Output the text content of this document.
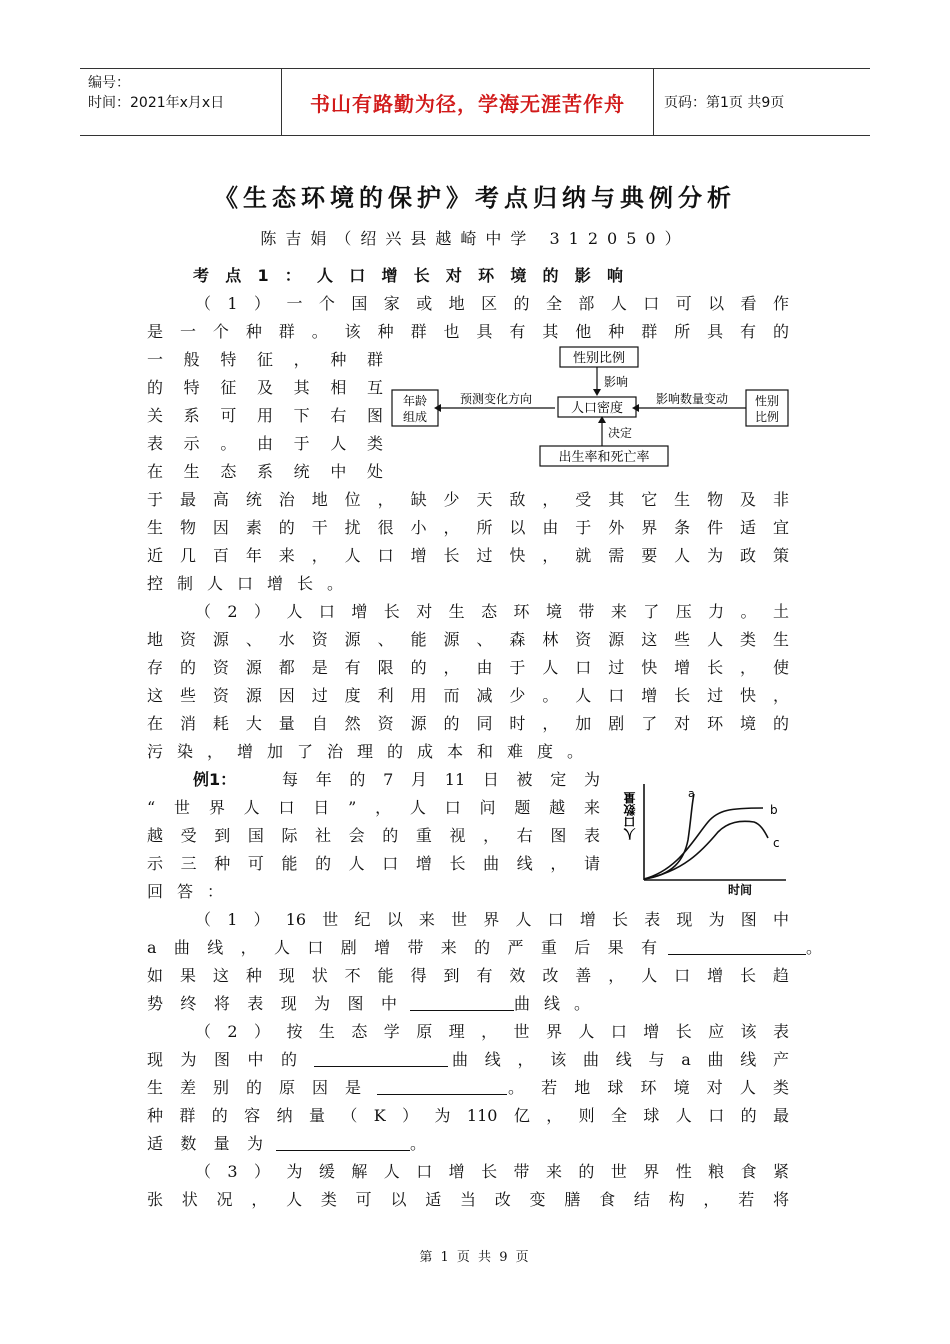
编号：
时间：2021年x月x日	书山有路勤为径，学海无涯苦作舟	页码：第1页 共9页
《生态环境的保护》考点归纳与典例分析
陈吉娟（绍兴县越崎中学 312050）
考点1：人口增长对环境的影响
（1）一个国家或地区的全部人口可以看作
是一个种群。该种群也具有其他种群所具有的
一般特征，种群
的特征及其相互
关系可用下右图
表示。由于人类
在生态系统中处
于最高统治地位，缺少天敌，受其它生物及非
生物因素的干扰很小，所以由于外界条件适宜
近几百年来，人口增长过快，就需要人为政策
控制人口增长。
性别比例
影响
年龄
组成
预测变化方向
人口密度
影响数量变动 性别
比例
决定
出生率和死亡率
（2）人口增长对生态环境带来了压力。土
地资源、水资源、能源、森林资源这些人类生
存的资源都是有限的，由于人口过快增长，使
这些资源因过度利用而减少。人口增长过快，
在消耗大量自然资源的同时，加剧了对环境的
污染，增加了治理的成本和难度。
例1：	每年的7月11日被定为
“世界人口日”，人口问题越来
越受到国际社会的重视，右图表
示三种可能的人口增长曲线，请
回答：
a
b
c
人口数量
时间
（1）16世纪以来世界人口增长表现为图中
a曲线，人口剧增带来的严重后果有	。
如果这种现状不能得到有效改善，人口增长趋
势终将表现为图中	曲线。
（2）按生态学原理，世界人口增长应该表
现为图中的	曲线，该曲线与a曲线产
生差别的原因是	。若地球环境对人类
种群的容纳量（K）为110亿，则全球人口的最
适数量为	。
（3）为缓解人口增长带来的世界性粮食紧
张状况，人类可以适当改变膳食结构，若将
第 1 页 共 9 页
